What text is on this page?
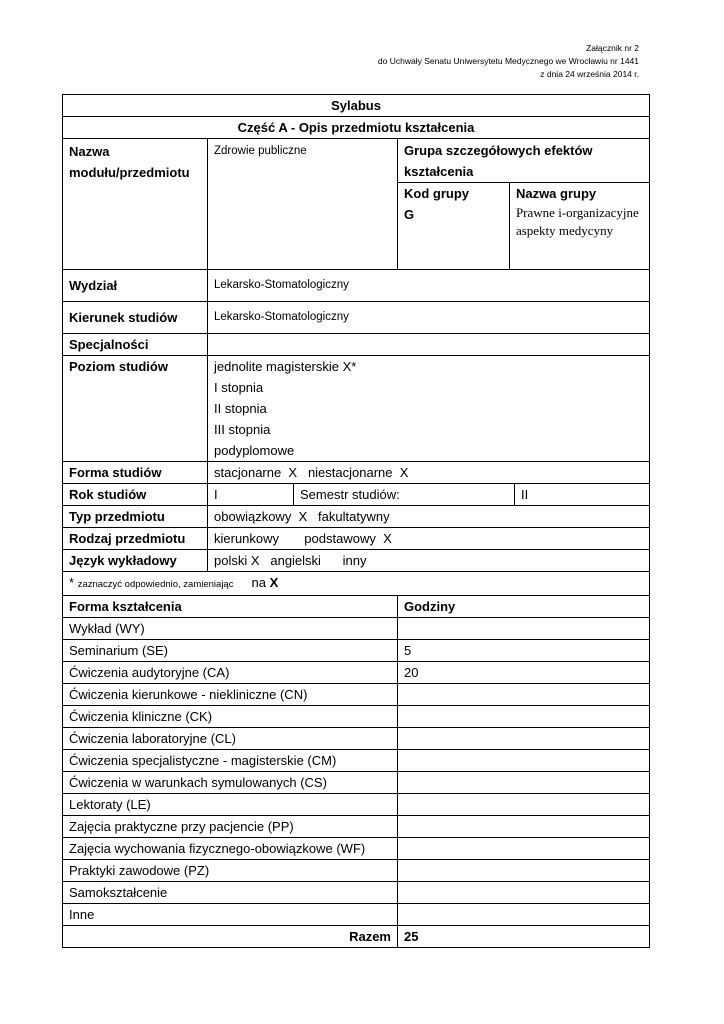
Załącznik nr 2
do Uchwały Senatu Uniwersytetu Medycznego we Wrocławiu nr 1441
z dnia 24 września 2014 r.
Sylabus
Część A - Opis przedmiotu kształcenia
Nazwa modułu/przedmiotu	Zdrowie publiczne		Grupa szczegółowych efektów kształcenia

Kod grupy
G

Nazwa grupy
Prawne i-organizacyjne aspekty medycyny

Wydział	Lekarsko-Stomatologiczny
Kierunek studiów	Lekarsko-Stomatologiczny
Specjalności	
Poziom studiów	jednolite magisterskie X*
I stopnia
II stopnia
III stopnia
podyplomowe

Forma studiów	stacjonarne  X   niestacjonarne  X
Rok studiów	I	Semestr studiów:	II
Typ przedmiotu	obowiązkowy  X   fakultatywny
Rodzaj przedmiotu	kierunkowy       podstawowy  X
Język wykładowy	polski X   angielski      inny
* zaznaczyć odpowiednio, zamieniając na X
Forma kształcenia	Godziny
Wykład (WY)	
Seminarium (SE)	5
Ćwiczenia audytoryjne (CA)	20
Ćwiczenia kierunkowe - niekliniczne (CN)	
Ćwiczenia kliniczne (CK)	
Ćwiczenia laboratoryjne (CL)	
Ćwiczenia specjalistyczne - magisterskie (CM)	
Ćwiczenia w warunkach symulowanych (CS)	
Lektoraty (LE)	
Zajęcia praktyczne przy pacjencie (PP)	
Zajęcia wychowania fizycznego-obowiązkowe (WF)	
Praktyki zawodowe (PZ)	
Samokształcenie	
Inne	
Razem	25
